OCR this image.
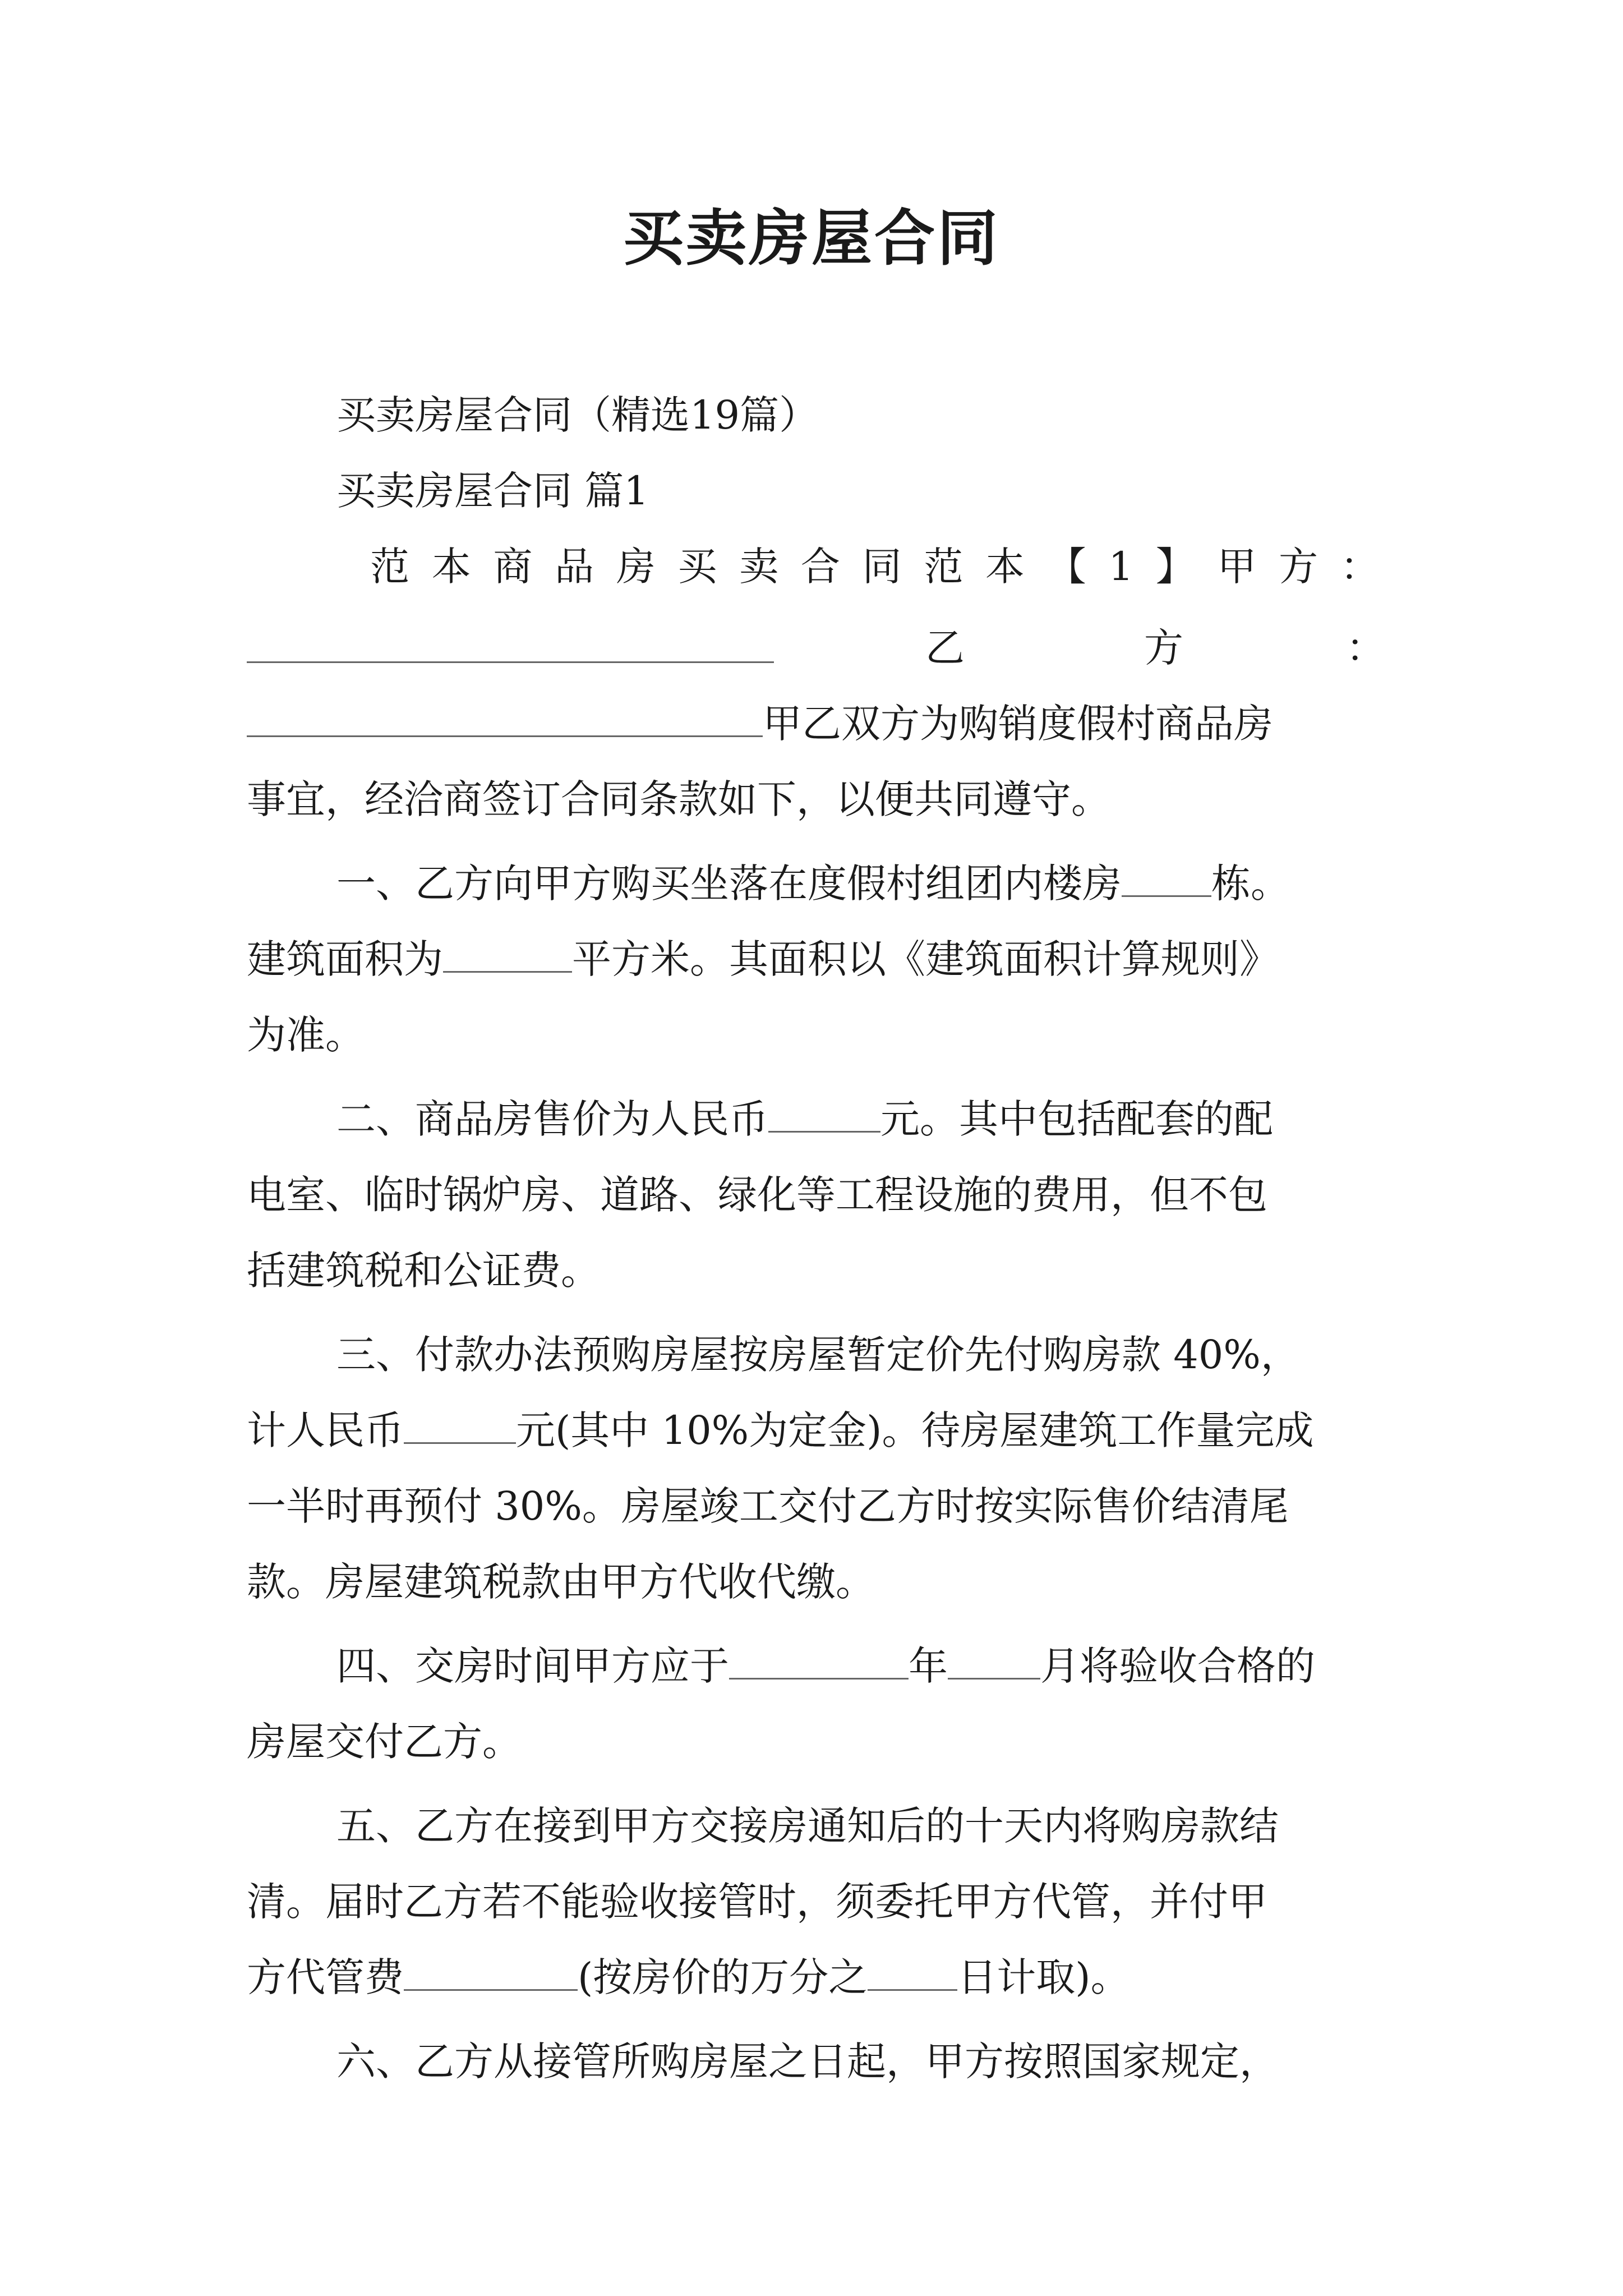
买卖房屋合同
买卖房屋合同（精选19篇）
买卖房屋合同 篇1
范 本 商 品 房 买 卖 合 同 范 本 【 1 】 甲 方 ：
乙	方	：
甲乙双方为购销度假村商品房
事宜，经洽商签订合同条款如下，以便共同遵守。
一、乙方向甲方购买坐落在度假村组团内楼房 栋。
建筑面积为	平方米。其面积以《建筑面积计算规则》
为准。
二、商品房售价为人民币	元。其中包括配套的配
电室、临时锅炉房、道路、绿化等工程设施的费用，但不包
括建筑税和公证费。
三、付款办法预购房屋按房屋暂定价先付购房款 40%，
计人民币	元(其中 10%为定金)。待房屋建筑工作量完成
一半时再预付 30%。房屋竣工交付乙方时按实际售价结清尾
款。房屋建筑税款由甲方代收代缴。
四、交房时间甲方应于	年 月将验收合格的
房屋交付乙方。
五、乙方在接到甲方交接房通知后的十天内将购房款结
清。届时乙方若不能验收接管时，须委托甲方代管，并付甲
方代管费	(按房价的万分之 日计取)。
六、乙方从接管所购房屋之日起，甲方按照国家规定，
